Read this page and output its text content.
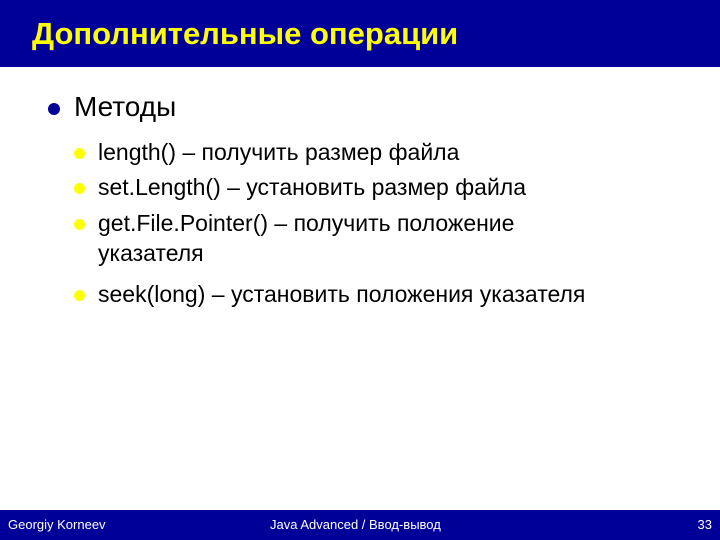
Дополнительные операции
Методы
length() – получить размер файла
set.Length() – установить размер файла
get.File.Pointer() – получить положение
указателя
seek(long) – установить положения указателя
Georgiy Korneev	Java Advanced / Ввод-вывод	33
